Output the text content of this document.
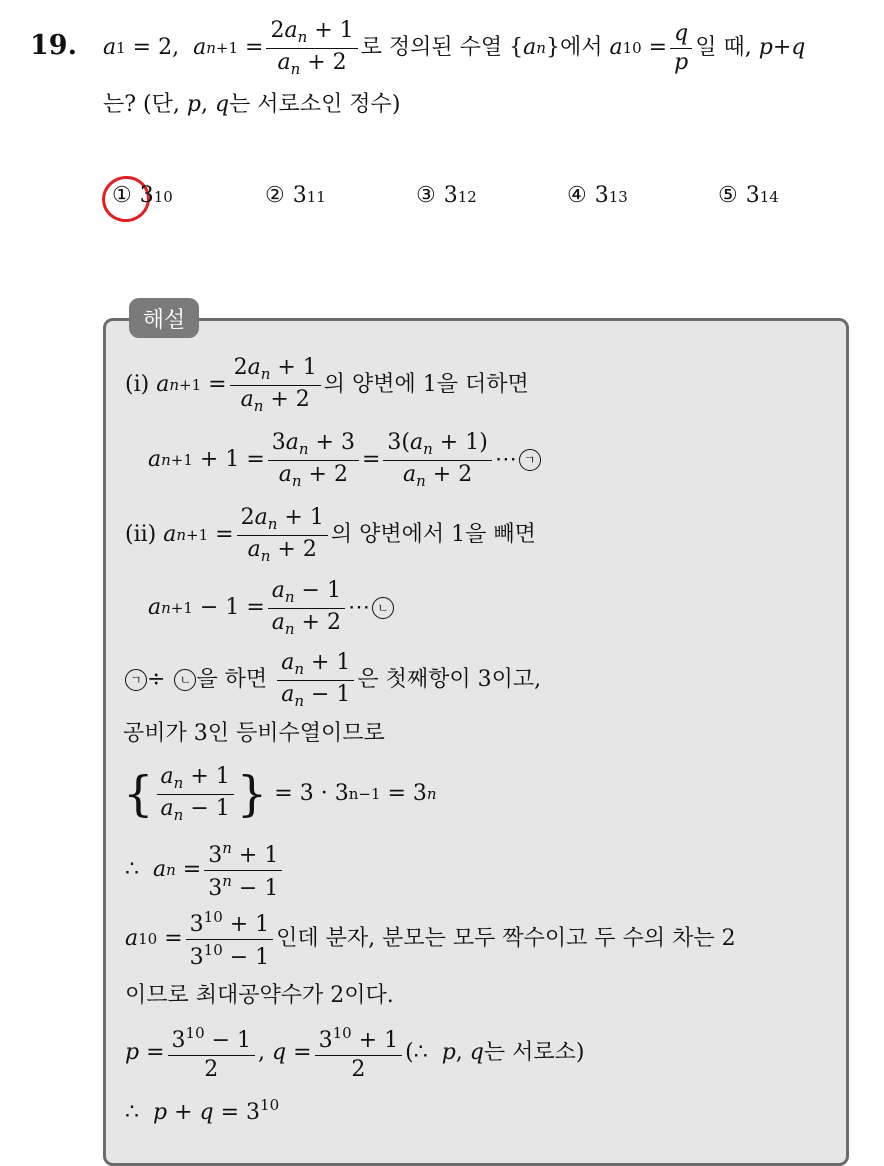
19. a 1 = 2, a $n +1 = \frac{2a_n + 1}{a_n + 2}$ 로 정의된 수열 { a n } 에서
a $10 = \frac{q}{p}$ 일 때,
p + q
는? (단, p, q는 서로소인 정수)
① 3 10	② 3 11	③ 3 12	④ 3 13	⑤ 3 14
해설
(i)
a $n +1 = \frac{2a_n + 1}{a_n + 2}$ 의 양변에 1을 더하면
a $n +1 + 1 = \frac{3a_n + 3}{a_n + 2} = \frac{3(a_n + 1)}{a_n + 2}$ ⋯ ㄱ
(ii)
a $n +1 = \frac{2a_n + 1}{a_n + 2}$ 의 양변에서 1을 빼면
a $n +1 - 1 = \frac{a_n - 1}{a_n + 2}$ ⋯ ㄴ
ㄱ ÷
	ㄴ 을 하면
$\frac{a_n + 1}{a_n - 1}$ 은 첫째항이 3이고,
공비가 3인 등비수열이므로
{ $\frac{a_n + 1}{a_n - 1}$ } = 3 · 3 n−1 = 3 n
∴
a $n = \frac{3^n + 1}{3^n - 1}$
a $10 = \frac{3^{10} + 1}{3^{10} - 1}$ 인데 분자, 분모는 모두 짝수이고 두 수의 차는 2
이므로 최대공약수가 2이다.
$p = \frac{3^{10} - 1}{2}$ , $q = \frac{3^{10} + 1}{2}$ ( ∴
p , q 는 서로소)
∴ $p + q = 3^{10}$
